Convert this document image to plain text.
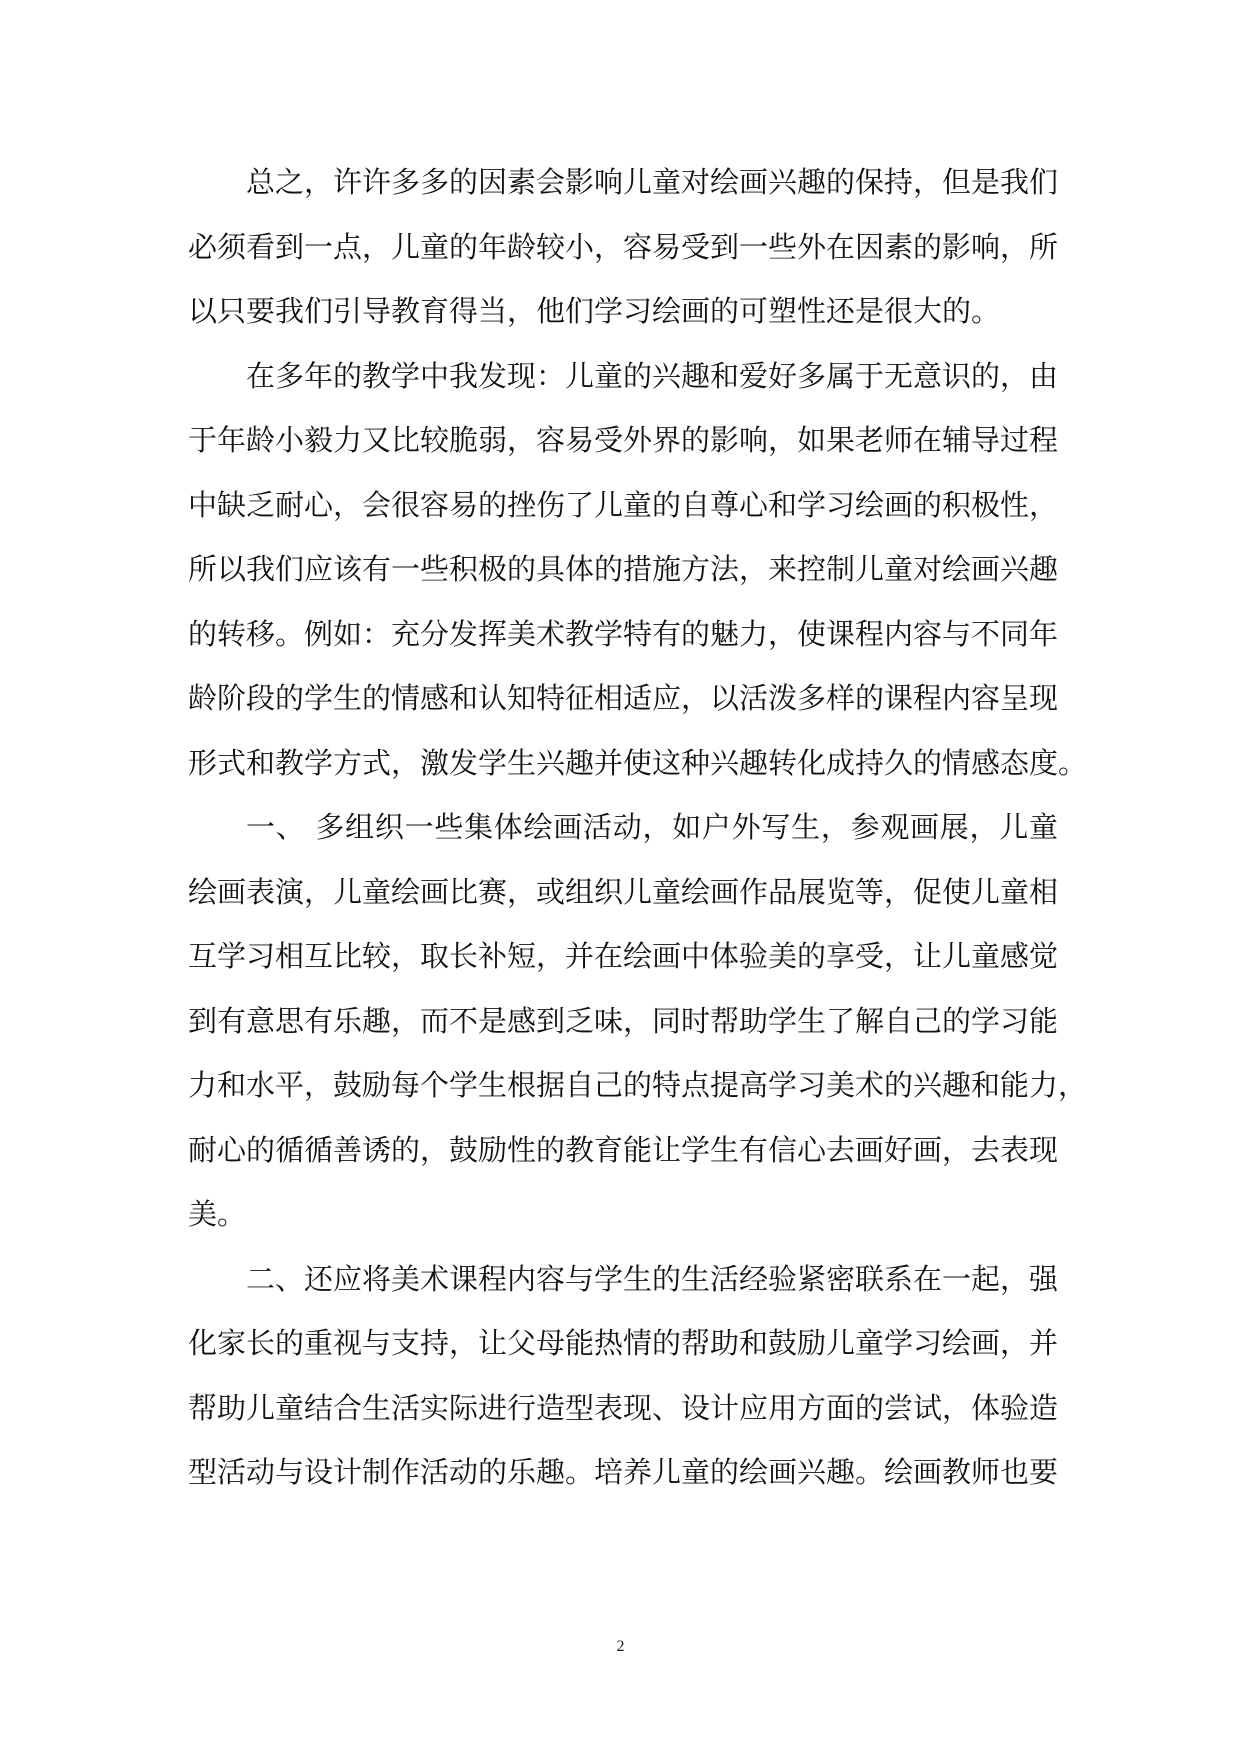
总之，许许多多的因素会影响儿童对绘画兴趣的保持，但是我们
必须看到一点，儿童的年龄较小，容易受到一些外在因素的影响，所
以只要我们引导教育得当，他们学习绘画的可塑性还是很大的。
在多年的教学中我发现：儿童的兴趣和爱好多属于无意识的，由
于年龄小毅力又比较脆弱，容易受外界的影响，如果老师在辅导过程
中缺乏耐心，会很容易的挫伤了儿童的自尊心和学习绘画的积极性，
所以我们应该有一些积极的具体的措施方法，来控制儿童对绘画兴趣
的转移。例如：充分发挥美术教学特有的魅力，使课程内容与不同年
龄阶段的学生的情感和认知特征相适应，以活泼多样的课程内容呈现
形式和教学方式，激发学生兴趣并使这种兴趣转化成持久的情感态度。
一、 多组织一些集体绘画活动，如户外写生，参观画展，儿童
绘画表演，儿童绘画比赛，或组织儿童绘画作品展览等，促使儿童相
互学习相互比较，取长补短，并在绘画中体验美的享受，让儿童感觉
到有意思有乐趣，而不是感到乏味，同时帮助学生了解自己的学习能
力和水平，鼓励每个学生根据自己的特点提高学习美术的兴趣和能力，
耐心的循循善诱的，鼓励性的教育能让学生有信心去画好画，去表现
美。
二、还应将美术课程内容与学生的生活经验紧密联系在一起，强
化家长的重视与支持，让父母能热情的帮助和鼓励儿童学习绘画，并
帮助儿童结合生活实际进行造型表现、设计应用方面的尝试，体验造
型活动与设计制作活动的乐趣。培养儿童的绘画兴趣。绘画教师也要
2
